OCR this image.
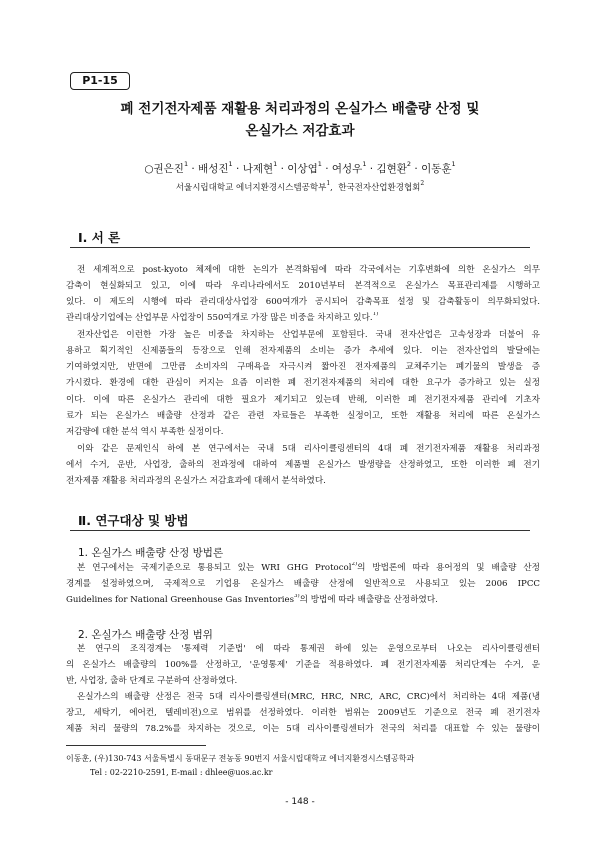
P1-15
폐 전기전자제품 재활용 처리과정의 온실가스 배출량 산정 및
온실가스 저감효과
○권은진$^1$ · 배성진$^1$ · 나제현$^1$ · 이상엽$^1$ · 여성우$^1$ · 김현환$^2$ · 이동훈$^1$
서울시립대학교 에너지환경시스템공학부$^1$,  한국전자산업환경협회$^2$
Ⅰ. 서 론
전 세계적으로 post-kyoto 체제에 대한 논의가 본격화됨에 따라 각국에서는 기후변화에 의한 온실가스 의무
감축이 현실화되고 있고, 이에 따라 우리나라에서도 2010년부터 본격적으로 온실가스 목표관리제를 시행하고
있다. 이 제도의 시행에 따라 관리대상사업장 600여개가 공시되어 감축목표 설정 및 감축활동이 의무화되었다.
관리대상기업에는 산업부문 사업장이 550여개로 가장 많은 비중을 차지하고 있다.$^{1)}$
전자산업은 이런한 가장 높은 비중을 차지하는 산업부문에 포함된다. 국내 전자산업은 고속성장과 더불어 유
용하고 획기적인 신제품들의 등장으로 인해 전자제품의 소비는 증가 추세에 있다. 이는 전자산업의 발달에는
기여하였지만, 반면에 그만큼 소비자의 구매욕을 자극시켜 짧아진 전자제품의 교체주기는 폐기물의 발생을 증
가시켰다. 환경에 대한 관심이 커지는 요즘 이러한 폐 전기전자제품의 처리에 대한 요구가 증가하고 있는 실정
이다. 이에 따른 온실가스 관리에 대한 필요가 제기되고 있는데 반해, 이러한 폐 전기전자제품 관리에 기초자
료가 되는 온실가스 배출량 산정과 같은 관련 자료들은 부족한 실정이고, 또한 재활용 처리에 따른 온실가스
저감량에 대한 분석 역시 부족한 실정이다.
이와 같은 문제인식 하에 본 연구에서는 국내 5대 리사이클링센터의 4대 폐 전기전자제품 재활용 처리과정
에서 수거, 운반, 사업장, 출하의 전과정에 대하여 제품별 온실가스 발생량을 산정하였고, 또한 이러한 폐 전기
전자제품 재활용 처리과정의 온실가스 저감효과에 대해서 분석하였다.
Ⅱ. 연구대상 및 방법
1. 온실가스 배출량 산정 방법론
본 연구에서는 국제기준으로 통용되고 있는 WRI GHG Protocol$^{2)}$의 방법론에 따라 용어정의 및 배출량 산정
경계를 설정하였으며, 국제적으로 기업용 온실가스 배출량 산정에 일반적으로 사용되고 있는 2006 IPCC
Guidelines for National Greenhouse Gas Inventories$^{3)}$의 방법에 따라 배출량을 산정하였다.
2. 온실가스 배출량 산정 범위
본 연구의 조직경계는 '통제력 기준법' 에 따라 통제권 하에 있는 운영으로부터 나오는 리사이클링센터
의 온실가스 배출량의 100%를 산정하고, '운영통제' 기준을 적용하였다. 폐 전기전자제품 처리단계는 수거, 운
반, 사업장, 출하 단계로 구분하여 산정하였다.
온실가스의 배출량 산정은 전국 5대 리사이클링센터(MRC, HRC, NRC, ARC, CRC)에서 처리하는 4대 제품(냉
장고, 세탁기, 에어컨, 텔레비전)으로 범위를 선정하였다. 이러한 범위는 2009년도 기준으로 전국 폐 전기전자
제품 처리 물량의 78.2%를 차지하는 것으로, 이는 5대 리사이클링센터가 전국의 처리를 대표할 수 있는 물량이
이동훈, (우)130-743 서울특별시 동대문구 전농동 90번지 서울시립대학교 에너지환경시스템공학과
Tel : 02-2210-2591, E-mail : dhlee@uos.ac.kr
- 148 -
